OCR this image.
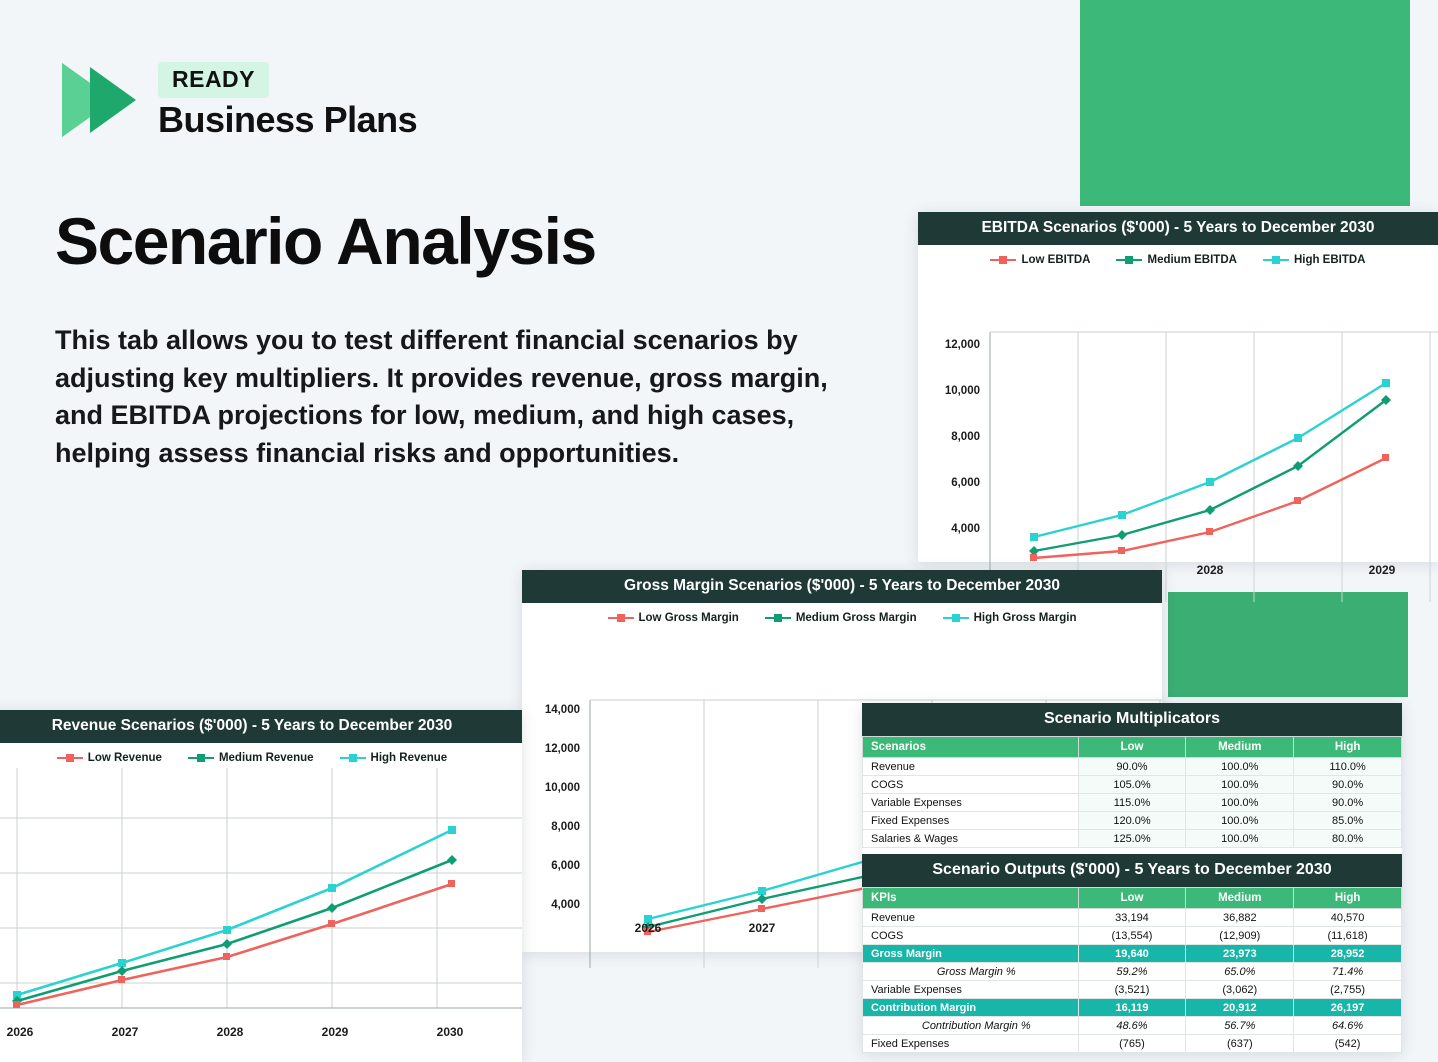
READY
Business Plans
Scenario Analysis
This tab allows you to test different financial scenarios by adjusting key multipliers. It provides revenue, gross margin, and EBITDA projections for low, medium, and high cases, helping assess financial risks and opportunities.
EBITDA Scenarios ($'000) - 5 Years to December 2030
Low EBITDA	Medium EBITDA	High EBITDA
12,000
10,000
8,000
6,000
4,000
2028	2029
Gross Margin Scenarios ($'000) - 5 Years to December 2030
Low Gross Margin	Medium Gross Margin	High Gross Margin
14,000
12,000
10,000
8,000
6,000
4,000
2026	2027
Revenue Scenarios ($'000) - 5 Years to December 2030
Low Revenue	Medium Revenue	High Revenue
2026	2027	2028	2029	2030
Scenario Multiplicators
Scenarios	Low	Medium	High
Revenue	90.0%	100.0%	110.0%
COGS	105.0%	100.0%	90.0%
Variable Expenses	115.0%	100.0%	90.0%
Fixed Expenses	120.0%	100.0%	85.0%
Salaries & Wages	125.0%	100.0%	80.0%
Scenario Outputs ($'000) - 5 Years to December 2030
KPIs	Low	Medium	High
Revenue	33,194	36,882	40,570
COGS	(13,554)	(12,909)	(11,618)
Gross Margin	19,640	23,973	28,952
Gross Margin %	59.2%	65.0%	71.4%
Variable Expenses	(3,521)	(3,062)	(2,755)
Contribution Margin	16,119	20,912	26,197
Contribution Margin %	48.6%	56.7%	64.6%
Fixed Expenses	(765)	(637)	(542)
